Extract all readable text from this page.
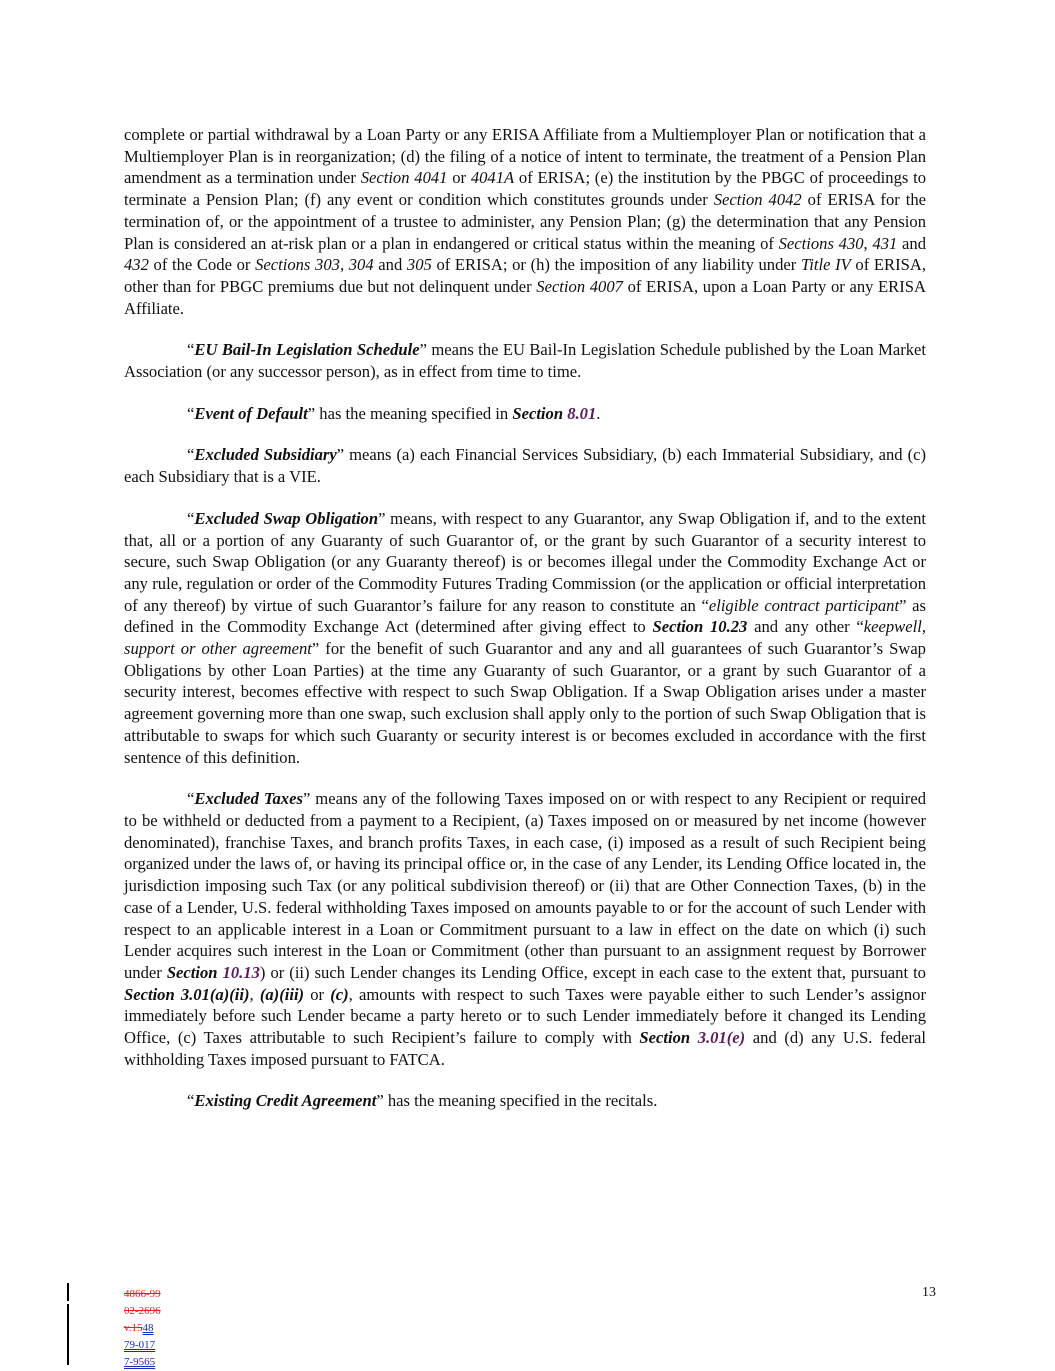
complete or partial withdrawal by a Loan Party or any ERISA Affiliate from a Multiemployer Plan or notification that a Multiemployer Plan is in reorganization; (d) the filing of a notice of intent to terminate, the treatment of a Pension Plan amendment as a termination under Section 4041 or 4041A of ERISA; (e) the institution by the PBGC of proceedings to terminate a Pension Plan; (f) any event or condition which constitutes grounds under Section 4042 of ERISA for the termination of, or the appointment of a trustee to administer, any Pension Plan; (g) the determination that any Pension Plan is considered an at-risk plan or a plan in endangered or critical status within the meaning of Sections 430, 431 and 432 of the Code or Sections 303, 304 and 305 of ERISA; or (h) the imposition of any liability under Title IV of ERISA, other than for PBGC premiums due but not delinquent under Section 4007 of ERISA, upon a Loan Party or any ERISA Affiliate.

“EU Bail-In Legislation Schedule” means the EU Bail-In Legislation Schedule published by the Loan Market Association (or any successor person), as in effect from time to time.

“Event of Default” has the meaning specified in Section 8.01.

“Excluded Subsidiary” means (a) each Financial Services Subsidiary, (b) each Immaterial Subsidiary, and (c) each Subsidiary that is a VIE.

“Excluded Swap Obligation” means, with respect to any Guarantor, any Swap Obligation if, and to the extent that, all or a portion of any Guaranty of such Guarantor of, or the grant by such Guarantor of a security interest to secure, such Swap Obligation (or any Guaranty thereof) is or becomes illegal under the Commodity Exchange Act or any rule, regulation or order of the Commodity Futures Trading Commission (or the application or official interpretation of any thereof) by virtue of such Guarantor’s failure for any reason to constitute an “eligible contract participant” as defined in the Commodity Exchange Act (determined after giving effect to Section 10.23 and any other “keepwell, support or other agreement” for the benefit of such Guarantor and any and all guarantees of such Guarantor’s Swap Obligations by other Loan Parties) at the time any Guaranty of such Guarantor, or a grant by such Guarantor of a security interest, becomes effective with respect to such Swap Obligation. If a Swap Obligation arises under a master agreement governing more than one swap, such exclusion shall apply only to the portion of such Swap Obligation that is attributable to swaps for which such Guaranty or security interest is or becomes excluded in accordance with the first sentence of this definition.

“Excluded Taxes” means any of the following Taxes imposed on or with respect to any Recipient or required to be withheld or deducted from a payment to a Recipient, (a) Taxes imposed on or measured by net income (however denominated), franchise Taxes, and branch profits Taxes, in each case, (i) imposed as a result of such Recipient being organized under the laws of, or having its principal office or, in the case of any Lender, its Lending Office located in, the jurisdiction imposing such Tax (or any political subdivision thereof) or (ii) that are Other Connection Taxes, (b) in the case of a Lender, U.S. federal withholding Taxes imposed on amounts payable to or for the account of such Lender with respect to an applicable interest in a Loan or Commitment pursuant to a law in effect on the date on which (i) such Lender acquires such interest in the Loan or Commitment (other than pursuant to an assignment request by Borrower under Section 10.13) or (ii) such Lender changes its Lending Office, except in each case to the extent that, pursuant to Section 3.01(a)(ii), (a)(iii) or (c), amounts with respect to such Taxes were payable either to such Lender’s assignor immediately before such Lender became a party hereto or to such Lender immediately before it changed its Lending Office, (c) Taxes attributable to such Recipient’s failure to comply with Section 3.01(e) and (d) any U.S. federal withholding Taxes imposed pursuant to FATCA.

“Existing Credit Agreement” has the meaning specified in the recitals.

4866-99
02-2696
v.1548
79-017
7-9565
13
